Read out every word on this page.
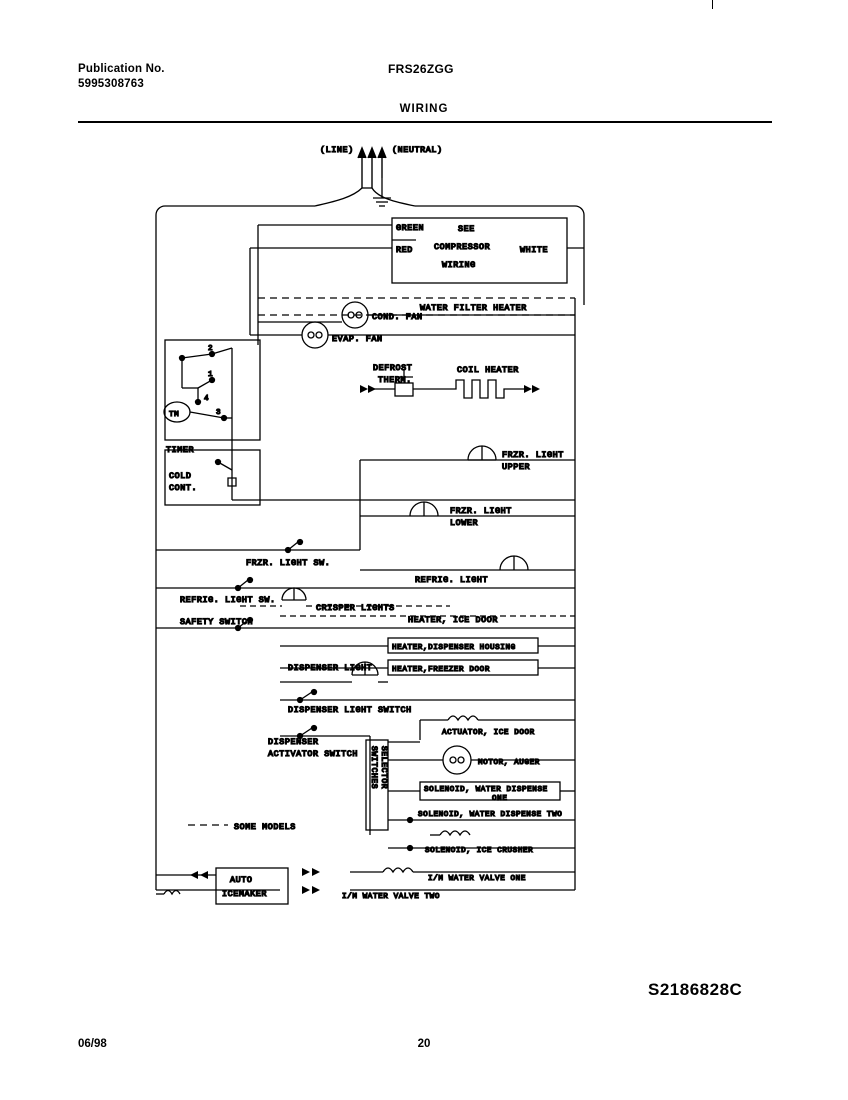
Publication No.
5995308763
FRS26ZGG
WIRING
(LINE)	(NEUTRAL)
GREEN
RED	WHITE
SEE
COMPRESSOR
WIRING
WATER FILTER HEATER
COND. FAN
EVAP. FAN
DEFROST
THERM.
COIL HEATER
2
1
4
3
TM
TIMER
COLD
CONT.
FRZR. LIGHT
UPPER
FRZR. LIGHT
LOWER
FRZR. LIGHT SW.
REFRIG. LIGHT
REFRIG. LIGHT SW.
CRISPER LIGHTS
SAFETY SWITCH	HEATER, ICE DOOR
HEATER,DISPENSER HOUSING
HEATER,FREEZER DOOR
DISPENSER LIGHT
DISPENSER LIGHT SWITCH
DISPENSER
ACTIVATOR SWITCH	SELECTOR
SWITCHES
ACTUATOR, ICE DOOR
MOTOR, AUGER
SOLENOID, WATER DISPENSE
ONE
SOLENOID, WATER DISPENSE TWO
SOLENOID, ICE CRUSHER
I/M WATER VALVE ONE
I/M WATER VALVE TWO
AUTO
ICEMAKER
SOME MODELS
S2186828C
06/98	20
